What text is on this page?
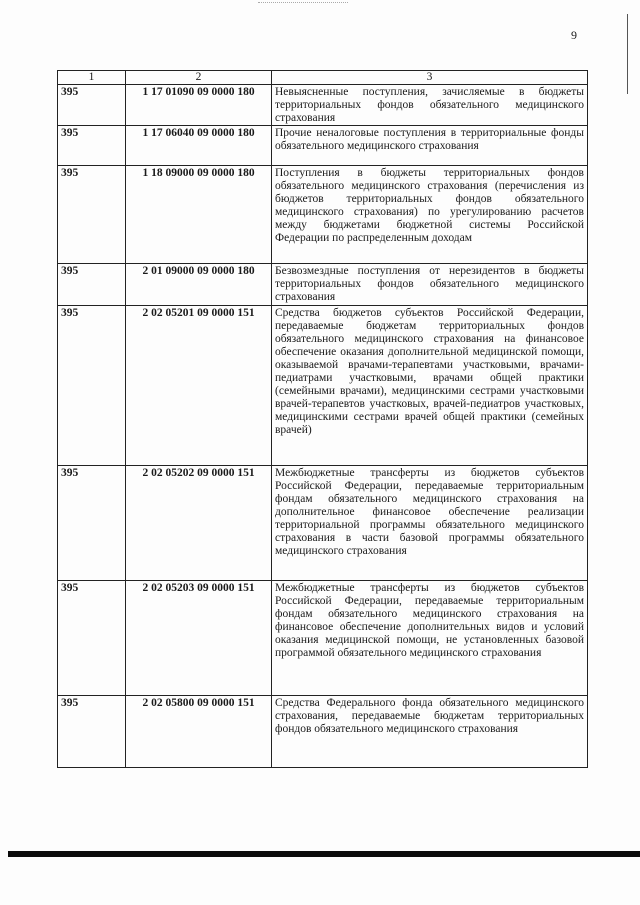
9
1	2	3
395	1 17 01090 09 0000 180	Невыясненные поступления, зачисляемые в бюджеты территориальных фондов обязательного медицинского страхования
395	1 17 06040 09 0000 180	Прочие неналоговые поступления в территориальные фонды обязательного медицинского страхования
395	1 18 09000 09 0000 180	Поступления в бюджеты территориальных фондов обязательного медицинского страхования (перечисления из бюджетов территориальных фондов обязательного медицинского страхования) по урегулированию расчетов между бюджетами бюджетной системы Российской Федерации по распределенным доходам
395	2 01 09000 09 0000 180	Безвозмездные поступления от нерезидентов в бюджеты территориальных фондов обязательного медицинского страхования
395	2 02 05201 09 0000 151	Средства бюджетов субъектов Российской Федерации, передаваемые бюджетам территориальных фондов обязательного медицинского страхования на финансовое обеспечение оказания дополнительной медицинской помощи, оказываемой врачами-терапевтами участковыми, врачами-педиатрами участковыми, врачами общей практики (семейными врачами), медицинскими сестрами участковыми врачей-терапевтов участковых, врачей-педиатров участковых, медицинскими сестрами врачей общей практики (семейных врачей)
395	2 02 05202 09 0000 151	Межбюджетные трансферты из бюджетов субъектов Российской Федерации, передаваемые территориальным фондам обязательного медицинского страхования на дополнительное финансовое обеспечение реализации территориальной программы обязательного медицинского страхования в части базовой программы обязательного медицинского страхования
395	2 02 05203 09 0000 151	Межбюджетные трансферты из бюджетов субъектов Российской Федерации, передаваемые территориальным фондам обязательного медицинского страхования на финансовое обеспечение дополнительных видов и условий оказания медицинской помощи, не установленных базовой программой обязательного медицинского страхования
395	2 02 05800 09 0000 151	Средства Федерального фонда обязательного медицинского страхования, передаваемые бюджетам территориальных фондов обязательного медицинского страхования
